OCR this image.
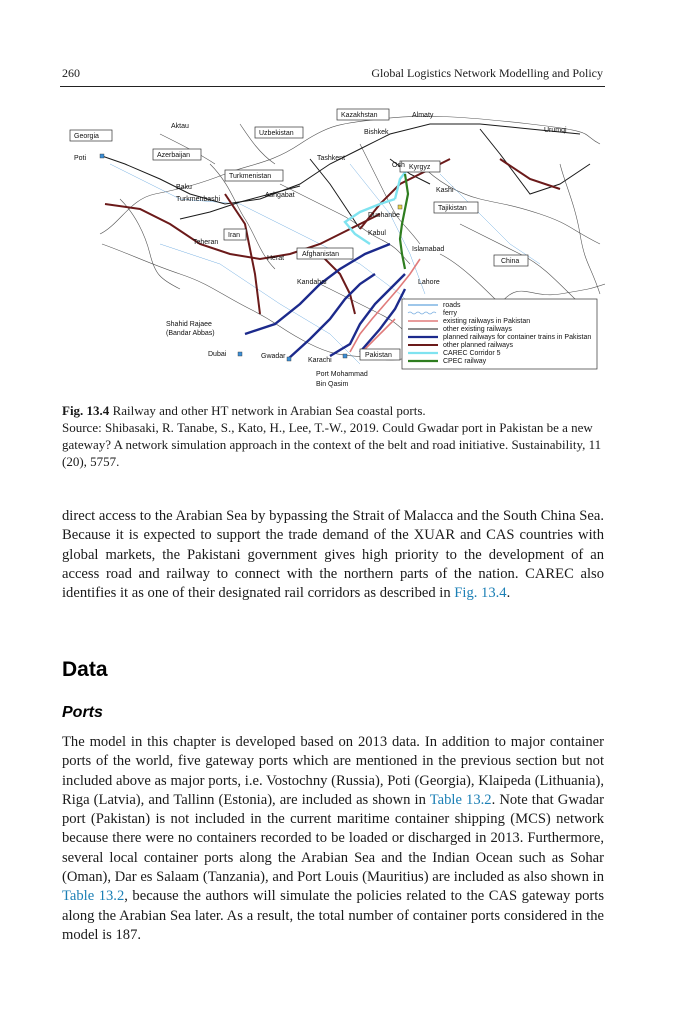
260	Global Logistics Network Modelling and Policy
Kazakhstan	Almaty
Aktau
Georgia	Uzbekistan	Bishkek	Urumqi
Poti	Azerbaijan	Tashkent
Osh Kyrgyz
Turkmenistan
Baku
Turkmenbashi
Ashgabat
Kashi
Tajikistan
Dushanbe
Kabul
Iran
Teheran
Islamabad
Afghanistan
Herat	China
Kandahar	Lahore
Shahid Rajaee
(Bandar Abbas)
Dubai	Gwadar
Karachi
Pakistan
Port Mohammad
Bin Qasim
roads
ferry
existing railways in Pakistan
other existing railways
planned railways for container trains in Pakistan
other planned railways
CAREC Corridor 5
CPEC railway

Fig. 13.4 Railway and other HT network in Arabian Sea coastal ports.

Source: Shibasaki, R. Tanabe, S., Kato, H., Lee, T.-W., 2019. Could Gwadar port in Pakistan be a new gateway? A network simulation approach in the context of the belt and road initiative. Sustainability, 11 (20), 5757.

direct access to the Arabian Sea by bypassing the Strait of Malacca and the South China Sea. Because it is expected to support the trade demand of the XUAR and CAS countries with global markets, the Pakistani government gives high priority to the development of an access road and railway to connect with the northern parts of the nation. CAREC also identifies it as one of their designated rail corridors as described in Fig. 13.4.

Data
Ports

The model in this chapter is developed based on 2013 data. In addition to major container ports of the world, five gateway ports which are mentioned in the previous section but not included above as major ports, i.e. Vostochny (Russia), Poti (Georgia), Klaipeda (Lithuania), Riga (Latvia), and Tallinn (Estonia), are included as shown in Table 13.2. Note that Gwadar port (Pakistan) is not included in the current maritime container shipping (MCS) network because there were no containers recorded to be loaded or discharged in 2013. Furthermore, several local container ports along the Arabian Sea and the Indian Ocean such as Sohar (Oman), Dar es Salaam (Tanzania), and Port Louis (Mauritius) are included as also shown in Table 13.2, because the authors will simulate the policies related to the CAS gateway ports along the Arabian Sea later. As a result, the total number of container ports considered in the model is 187.
